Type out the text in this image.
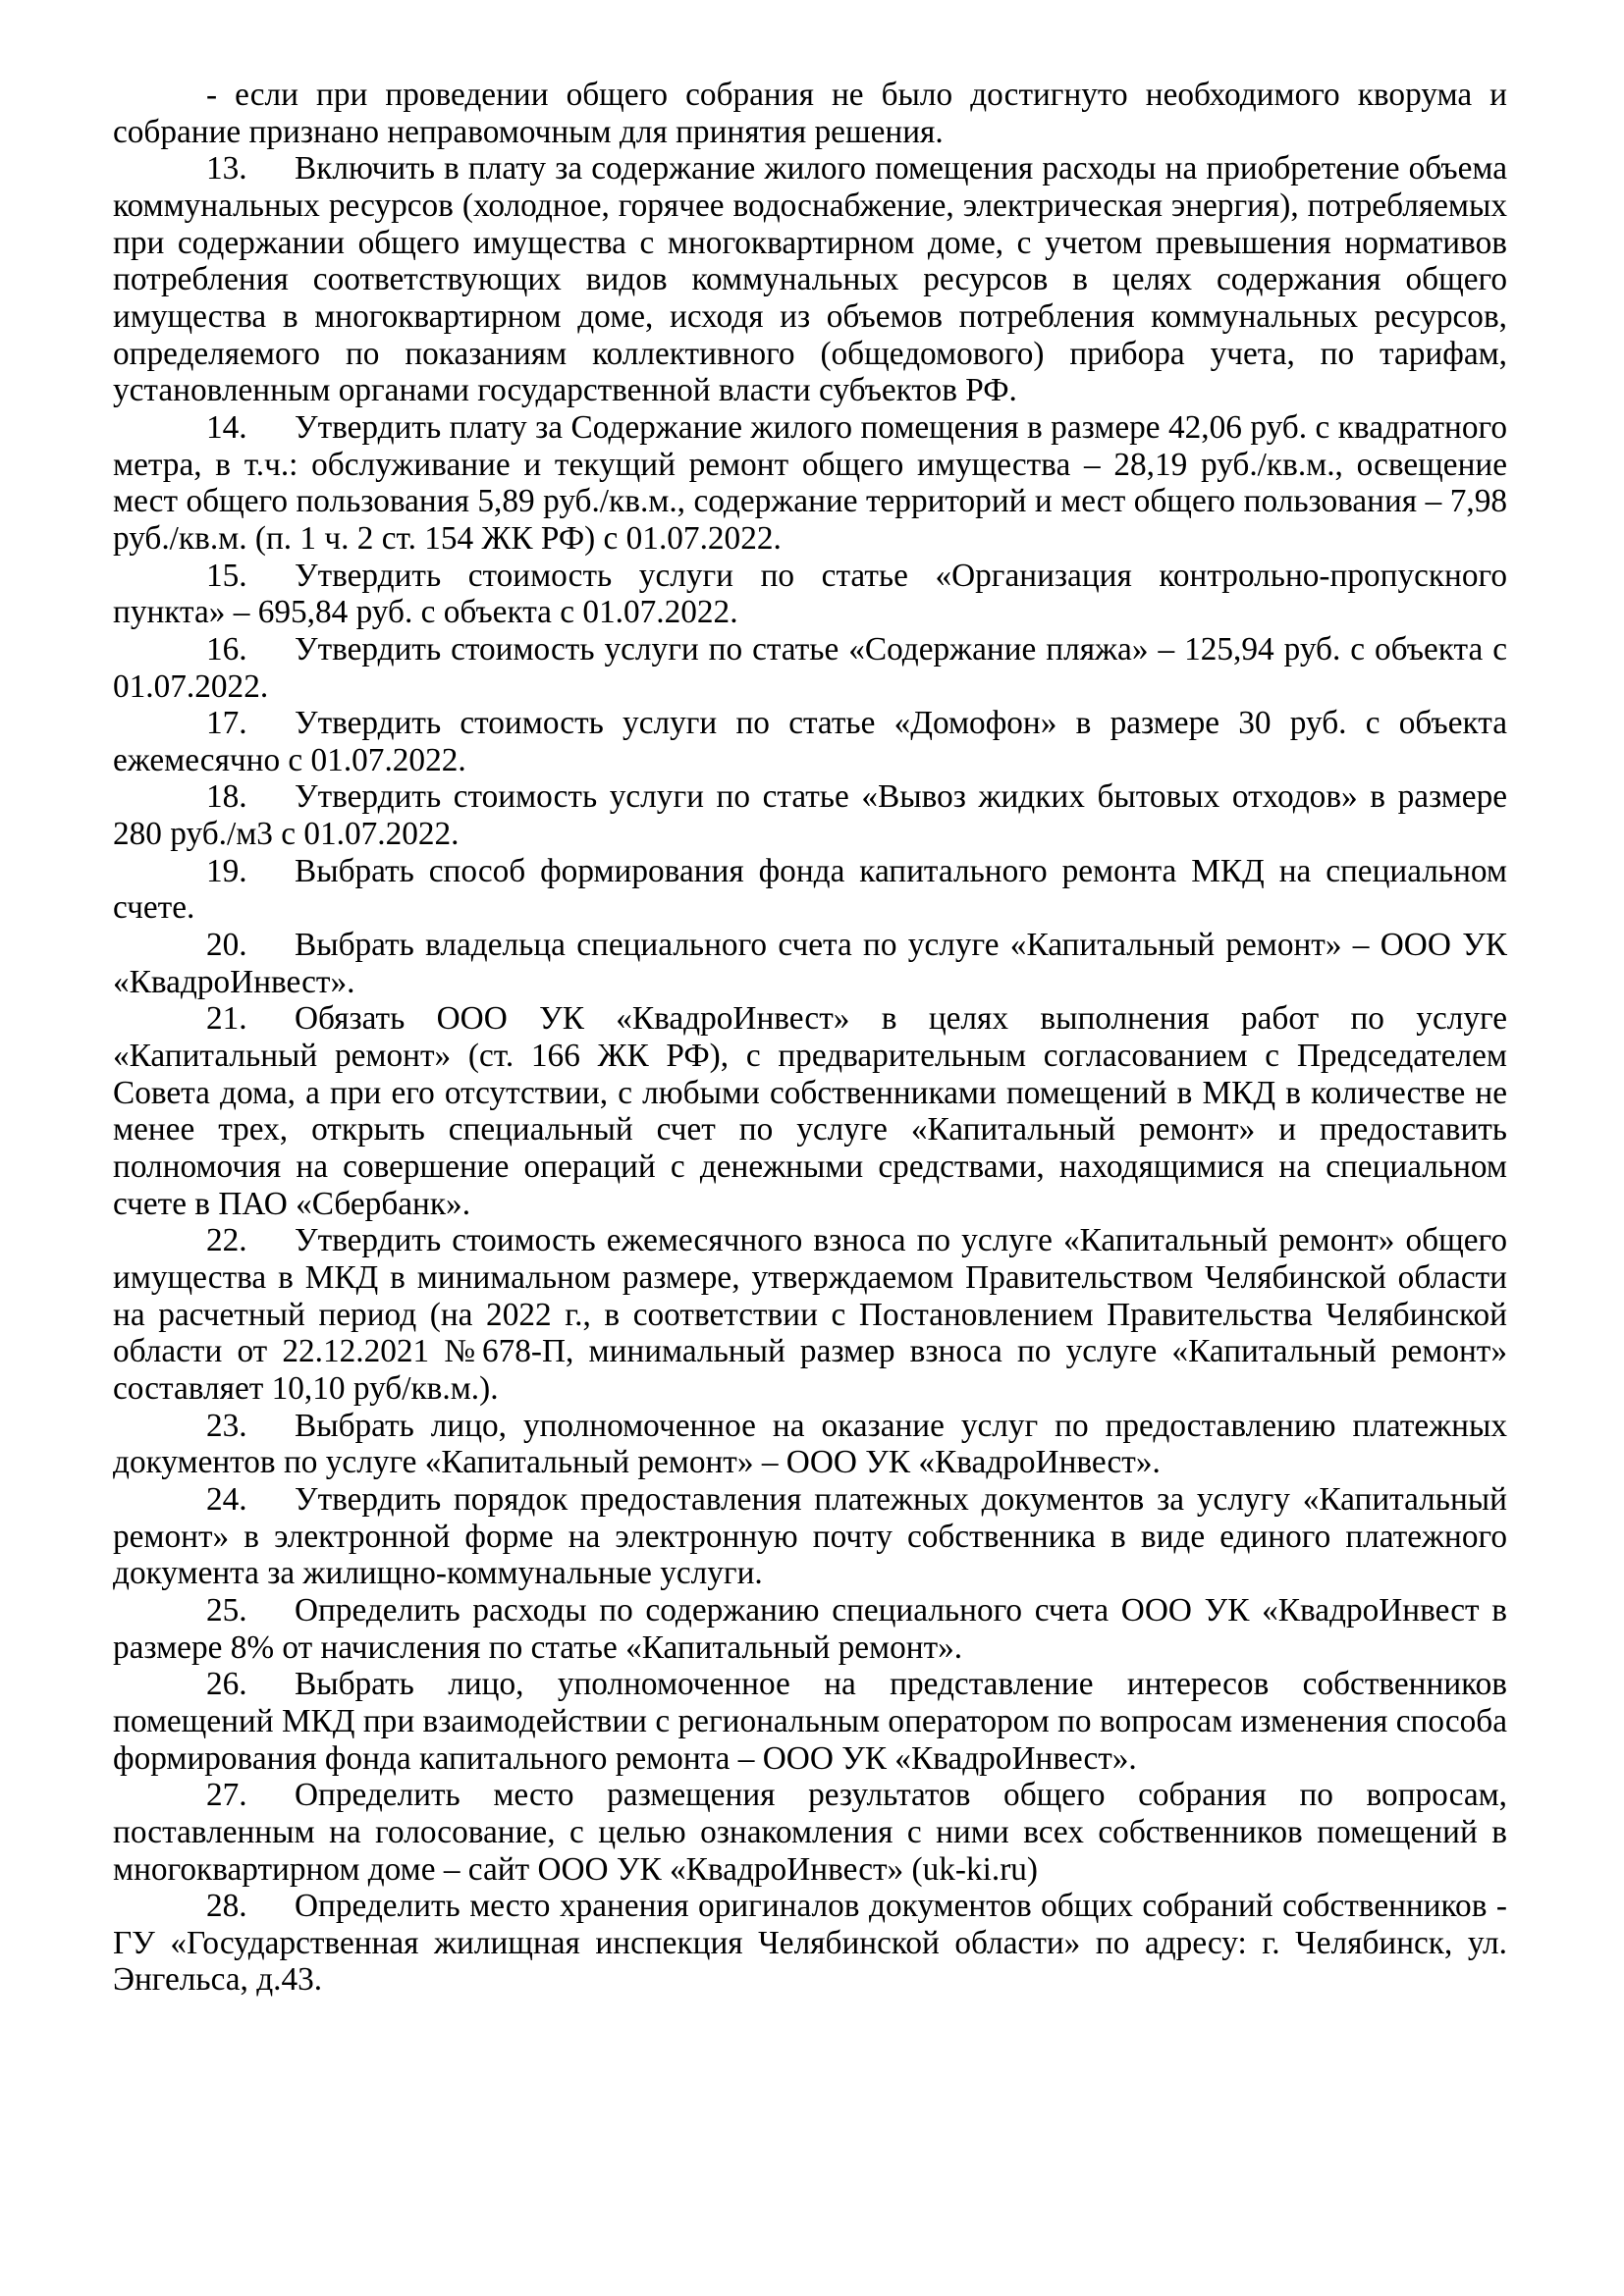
- если при проведении общего собрания не было достигнуто необходимого кворума и собрание признано неправомочным для принятия решения.

13. Включить в плату за содержание жилого помещения расходы на приобретение объема коммунальных ресурсов (холодное, горячее водоснабжение, электрическая энергия), потребляемых при содержании общего имущества с многоквартирном доме, с учетом превышения нормативов потребления соответствующих видов коммунальных ресурсов в целях содержания общего имущества в многоквартирном доме, исходя из объемов потребления коммунальных ресурсов, определяемого по показаниям коллективного (общедомового) прибора учета, по тарифам, установленным органами государственной власти субъектов РФ.

14. Утвердить плату за Содержание жилого помещения в размере 42,06 руб. с квадратного метра, в т.ч.: обслуживание и текущий ремонт общего имущества – 28,19 руб./кв.м., освещение мест общего пользования 5,89 руб./кв.м., содержание территорий и мест общего пользования – 7,98 руб./кв.м. (п. 1 ч. 2 ст. 154 ЖК РФ) с 01.07.2022.

15. Утвердить стоимость услуги по статье «Организация контрольно-пропускного пункта» – 695,84 руб. с объекта с 01.07.2022.

16. Утвердить стоимость услуги по статье «Содержание пляжа» – 125,94 руб. с объекта с 01.07.2022.

17. Утвердить стоимость услуги по статье «Домофон» в размере 30 руб. с объекта ежемесячно с 01.07.2022.

18. Утвердить стоимость услуги по статье «Вывоз жидких бытовых отходов» в размере 280 руб./м3 с 01.07.2022.

19. Выбрать способ формирования фонда капитального ремонта МКД на специальном счете.

20. Выбрать владельца специального счета по услуге «Капитальный ремонт» – ООО УК «КвадроИнвест».

21. Обязать ООО УК «КвадроИнвест» в целях выполнения работ по услуге «Капитальный ремонт» (ст. 166 ЖК РФ), с предварительным согласованием с Председателем Совета дома, а при его отсутствии, с любыми собственниками помещений в МКД в количестве не менее трех, открыть специальный счет по услуге «Капитальный ремонт» и предоставить полномочия на совершение операций с денежными средствами, находящимися на специальном счете в ПАО «Сбербанк».

22. Утвердить стоимость ежемесячного взноса по услуге «Капитальный ремонт» общего имущества в МКД в минимальном размере, утверждаемом Правительством Челябинской области на расчетный период (на 2022 г., в соответствии с Постановлением Правительства Челябинской области от 22.12.2021 №678-П, минимальный размер взноса по услуге «Капитальный ремонт» составляет 10,10 руб/кв.м.).

23. Выбрать лицо, уполномоченное на оказание услуг по предоставлению платежных документов по услуге «Капитальный ремонт» – ООО УК «КвадроИнвест».

24. Утвердить порядок предоставления платежных документов за услугу «Капитальный ремонт» в электронной форме на электронную почту собственника в виде единого платежного документа за жилищно-коммунальные услуги.

25. Определить расходы по содержанию специального счета ООО УК «КвадроИнвест в размере 8% от начисления по статье «Капитальный ремонт».

26. Выбрать лицо, уполномоченное на представление интересов собственников помещений МКД при взаимодействии с региональным оператором по вопросам изменения способа формирования фонда капитального ремонта – ООО УК «КвадроИнвест».

27. Определить место размещения результатов общего собрания по вопросам, поставленным на голосование, с целью ознакомления с ними всех собственников помещений в многоквартирном доме – сайт ООО УК «КвадроИнвест» (uk-ki.ru)

28. Определить место хранения оригиналов документов общих собраний собственников - ГУ «Государственная жилищная инспекция Челябинской области» по адресу: г. Челябинск, ул. Энгельса, д.43.
